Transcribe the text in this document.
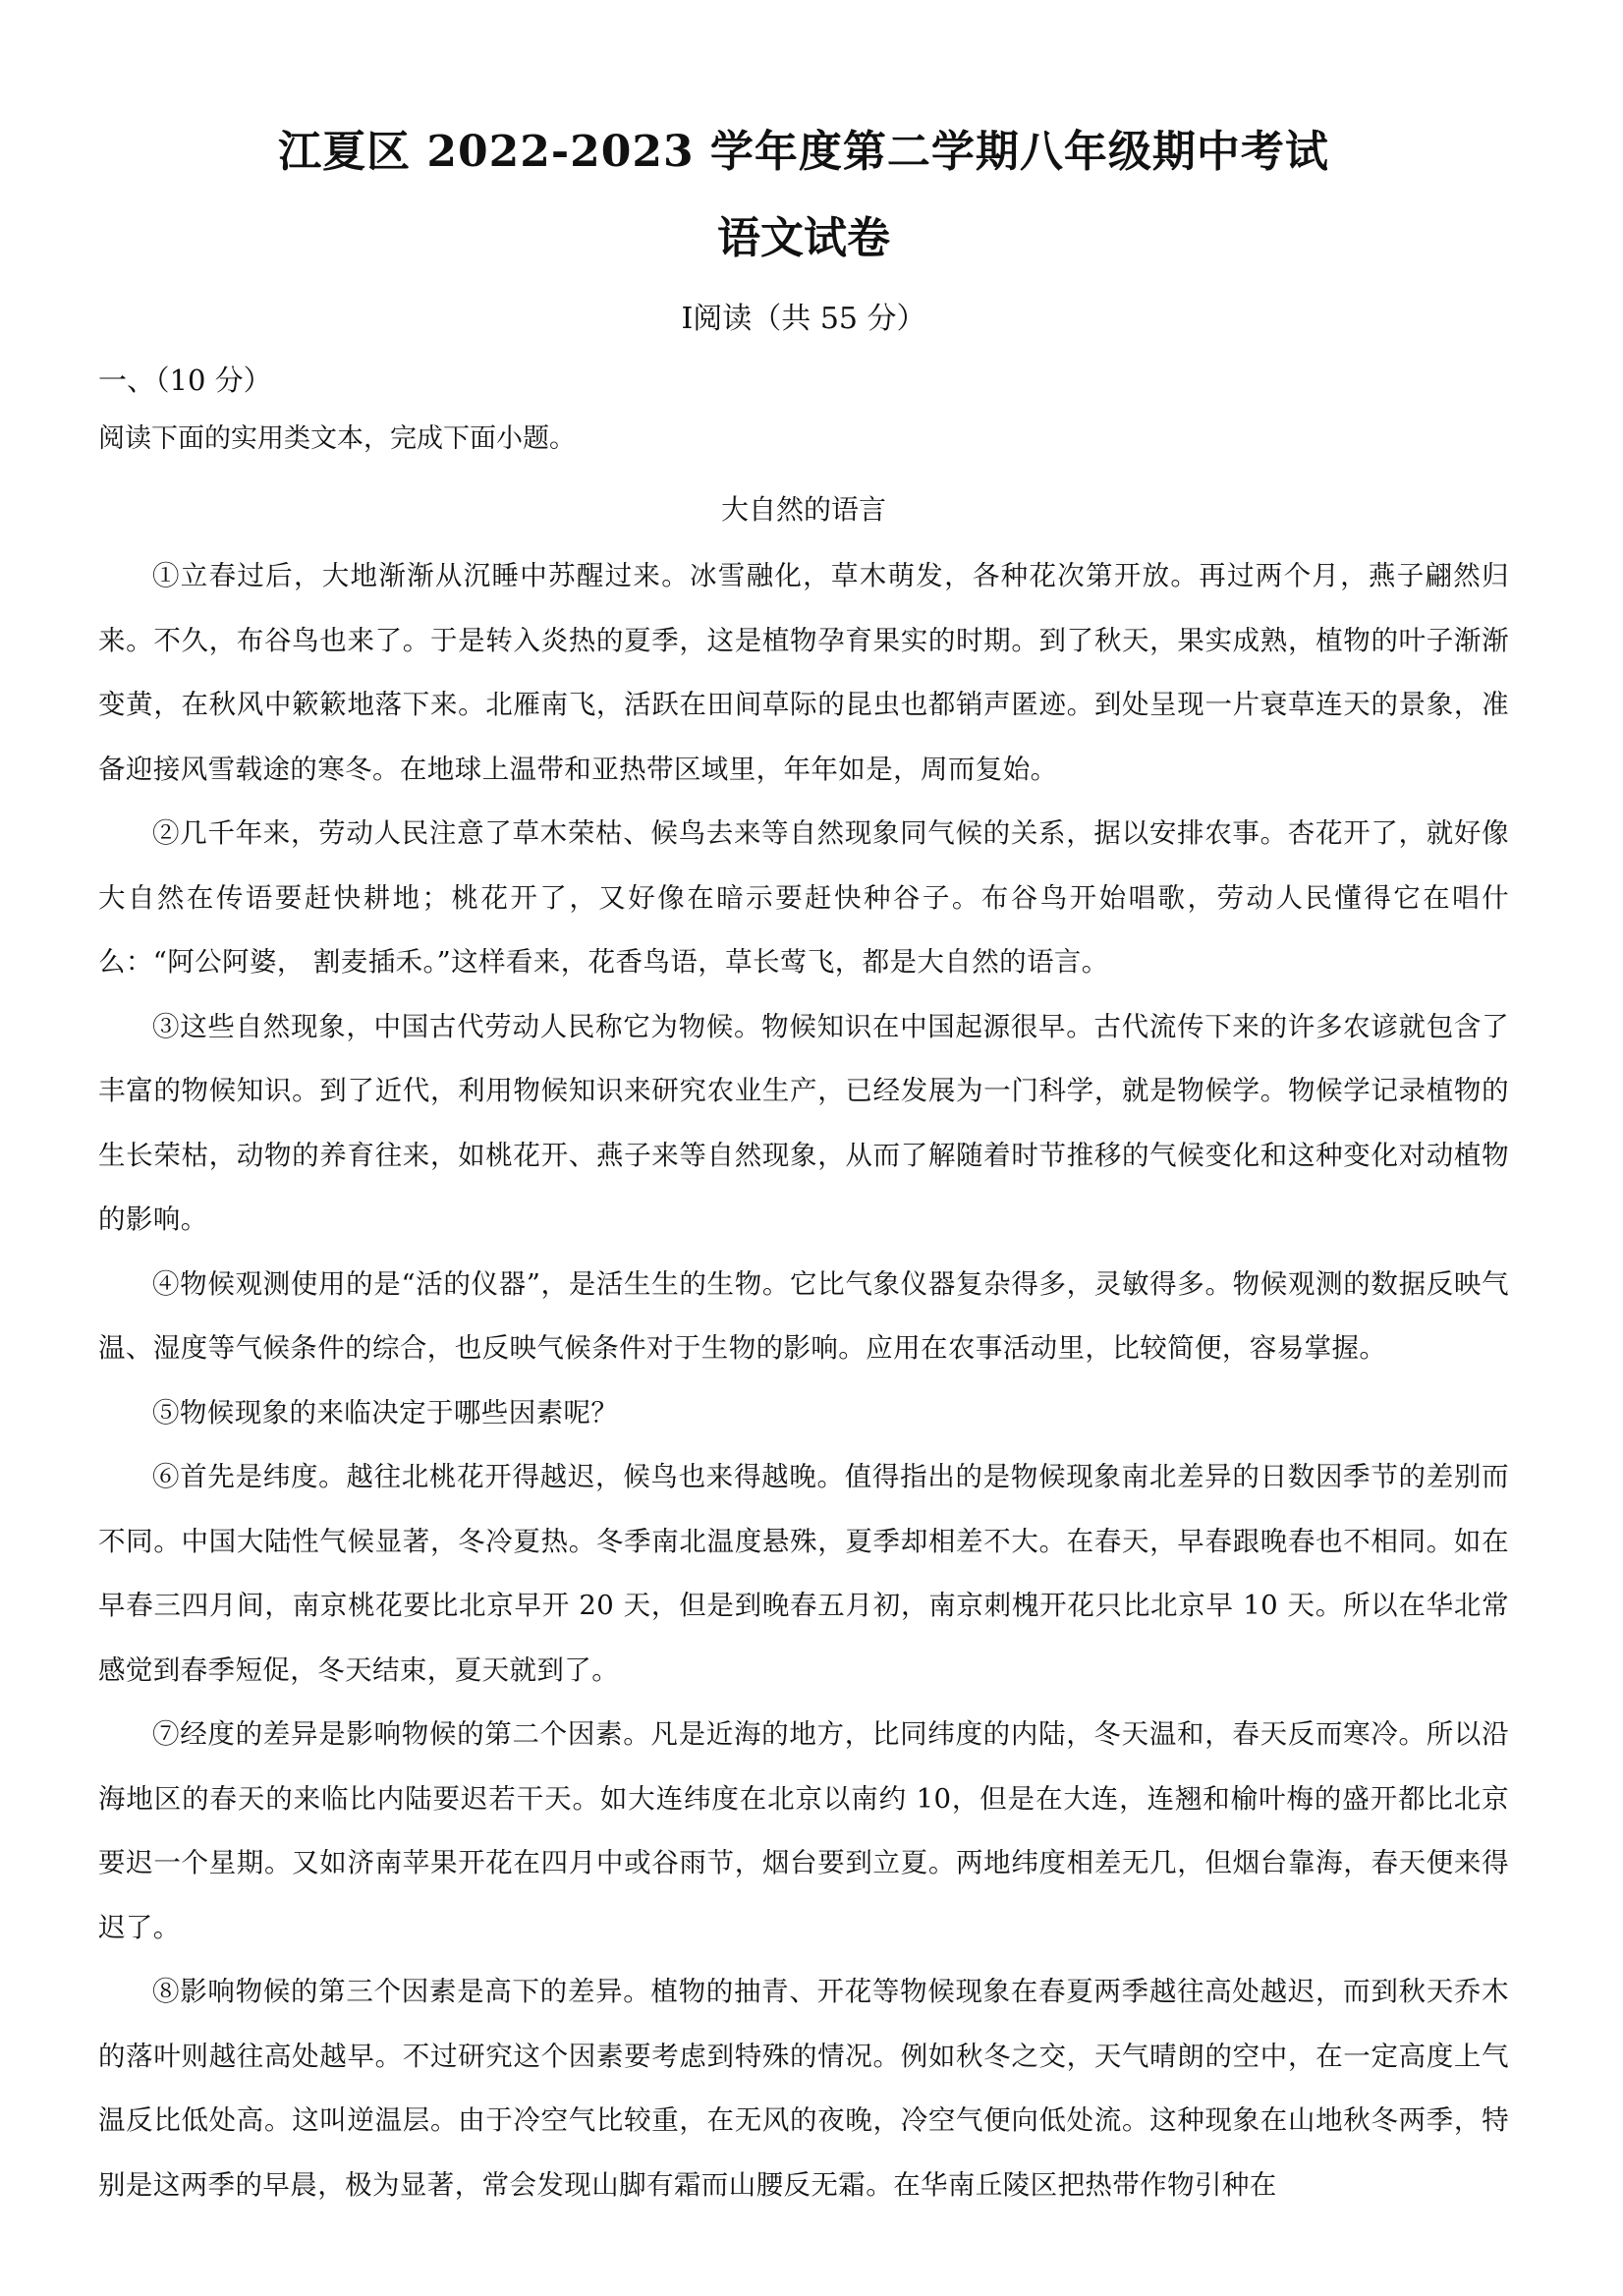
江夏区 2022-2023 学年度第二学期八年级期中考试
语文试卷
Ⅰ阅读（共 55 分）
一、（10 分）
阅读下面的实用类文本，完成下面小题。
大自然的语言

①立春过后，大地渐渐从沉睡中苏醒过来。冰雪融化，草木萌发，各种花次第开放。再过两个月，燕子翩然归来。不久，布谷鸟也来了。于是转入炎热的夏季，这是植物孕育果实的时期。到了秋天，果实成熟，植物的叶子渐渐变黄，在秋风中簌簌地落下来。北雁南飞，活跃在田间草际的昆虫也都销声匿迹。到处呈现一片衰草连天的景象，准备迎接风雪载途的寒冬。在地球上温带和亚热带区域里，年年如是，周而复始。

②几千年来，劳动人民注意了草木荣枯、候鸟去来等自然现象同气候的关系，据以安排农事。杏花开了，就好像大自然在传语要赶快耕地；桃花开了，又好像在暗示要赶快种谷子。布谷鸟开始唱歌，劳动人民懂得它在唱什么：“阿公阿婆， 割麦插禾。”这样看来，花香鸟语，草长莺飞，都是大自然的语言。

③这些自然现象，中国古代劳动人民称它为物候。物候知识在中国起源很早。古代流传下来的许多农谚就包含了丰富的物候知识。到了近代，利用物候知识来研究农业生产，已经发展为一门科学，就是物候学。物候学记录植物的生长荣枯，动物的养育往来，如桃花开、燕子来等自然现象，从而了解随着时节推移的气候变化和这种变化对动植物的影响。

④物候观测使用的是“活的仪器”，是活生生的生物。它比气象仪器复杂得多，灵敏得多。物候观测的数据反映气温、湿度等气候条件的综合，也反映气候条件对于生物的影响。应用在农事活动里，比较简便，容易掌握。

⑤物候现象的来临决定于哪些因素呢？

⑥首先是纬度。越往北桃花开得越迟，候鸟也来得越晚。值得指出的是物候现象南北差异的日数因季节的差别而不同。中国大陆性气候显著，冬冷夏热。冬季南北温度悬殊，夏季却相差不大。在春天，早春跟晚春也不相同。如在早春三四月间，南京桃花要比北京早开 20 天，但是到晚春五月初，南京刺槐开花只比北京早 10 天。所以在华北常感觉到春季短促，冬天结束，夏天就到了。

⑦经度的差异是影响物候的第二个因素。凡是近海的地方，比同纬度的内陆，冬天温和，春天反而寒冷。所以沿海地区的春天的来临比内陆要迟若干天。如大连纬度在北京以南约 10，但是在大连，连翘和榆叶梅的盛开都比北京要迟一个星期。又如济南苹果开花在四月中或谷雨节，烟台要到立夏。两地纬度相差无几，但烟台靠海，春天便来得迟了。

⑧影响物候的第三个因素是高下的差异。植物的抽青、开花等物候现象在春夏两季越往高处越迟，而到秋天乔木的落叶则越往高处越早。不过研究这个因素要考虑到特殊的情况。例如秋冬之交，天气晴朗的空中，在一定高度上气温反比低处高。这叫逆温层。由于冷空气比较重，在无风的夜晚，冷空气便向低处流。这种现象在山地秋冬两季，特别是这两季的早晨，极为显著，常会发现山脚有霜而山腰反无霜。在华南丘陵区把热带作物引种在
